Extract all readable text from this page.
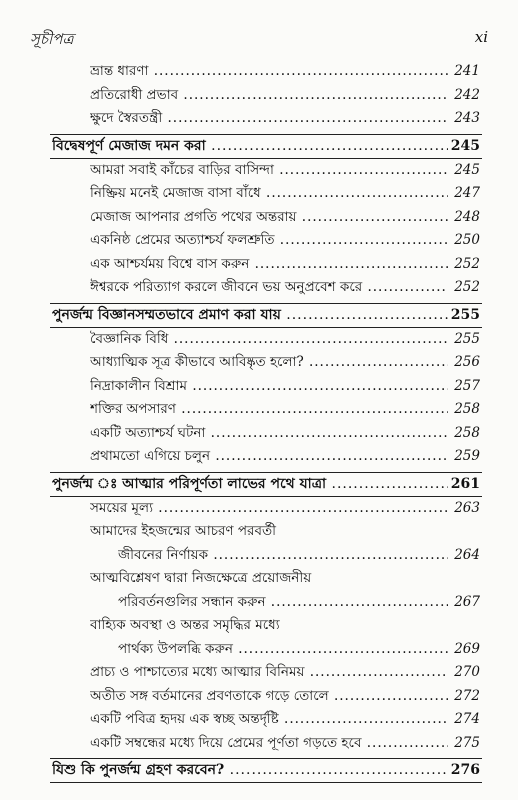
সূচীপত্র	xi
ভ্রান্ত ধারণা .....	241
প্রতিরোধী প্রভাব .....	242
ক্ষুদে স্বৈরতন্ত্রী .....	243
বিদ্বেষপূর্ণ মেজাজ দমন করা .....	245
আমরা সবাই কাঁচের বাড়ির বাসিন্দা .....	245
নিষ্ক্রিয় মনেই মেজাজ বাসা বাঁধে .....	247
মেজাজ আপনার প্রগতি পথের অন্তরায় .....	248
একনিষ্ঠ প্রেমের অত্যাশ্চর্য ফলশ্রুতি .....	250
এক আশ্চর্যময় বিশ্বে বাস করুন .....	252
ঈশ্বরকে পরিত্যাগ করলে জীবনে ভয় অনুপ্রবেশ করে .....	252
পুনর্জন্ম বিজ্ঞানসম্মতভাবে প্রমাণ করা যায় .....	255
বৈজ্ঞানিক বিধি .....	255
আধ্যাত্মিক সূত্র কীভাবে আবিষ্কৃত হলো? .....	256
নিদ্রাকালীন বিশ্রাম .....	257
শক্তির অপসারণ .....	258
একটি অত্যাশ্চর্য ঘটনা .....	258
প্রথামতো এগিয়ে চলুন .....	259
পুনর্জন্ম ঃ আত্মার পরিপূর্ণতা লাভের পথে যাত্রা .....	261
সময়ের মূল্য .....	263
আমাদের ইহজন্মের আচরণ পরবর্তী
জীবনের নির্ণায়ক .....	264
আত্মবিশ্লেষণ দ্বারা নিজক্ষেত্রে প্রয়োজনীয়
পরিবর্তনগুলির সন্ধান করুন .....	267
বাহ্যিক অবস্থা ও অন্তর সমৃদ্ধির মধ্যে
পার্থক্য উপলব্ধি করুন .....	269
প্রাচ্য ও পাশ্চাত্যের মধ্যে আত্মার বিনিময় .....	270
অতীত সঙ্গ বর্তমানের প্রবণতাকে গড়ে তোলে .....	272
একটি পবিত্র হৃদয় এক স্বচ্ছ অন্তর্দৃষ্টি .....	274
একটি সম্বন্ধের মধ্যে দিয়ে প্রেমের পূর্ণতা গড়তে হবে .....	275
যিশু কি পুনর্জন্ম গ্রহণ করবেন? .....	276
